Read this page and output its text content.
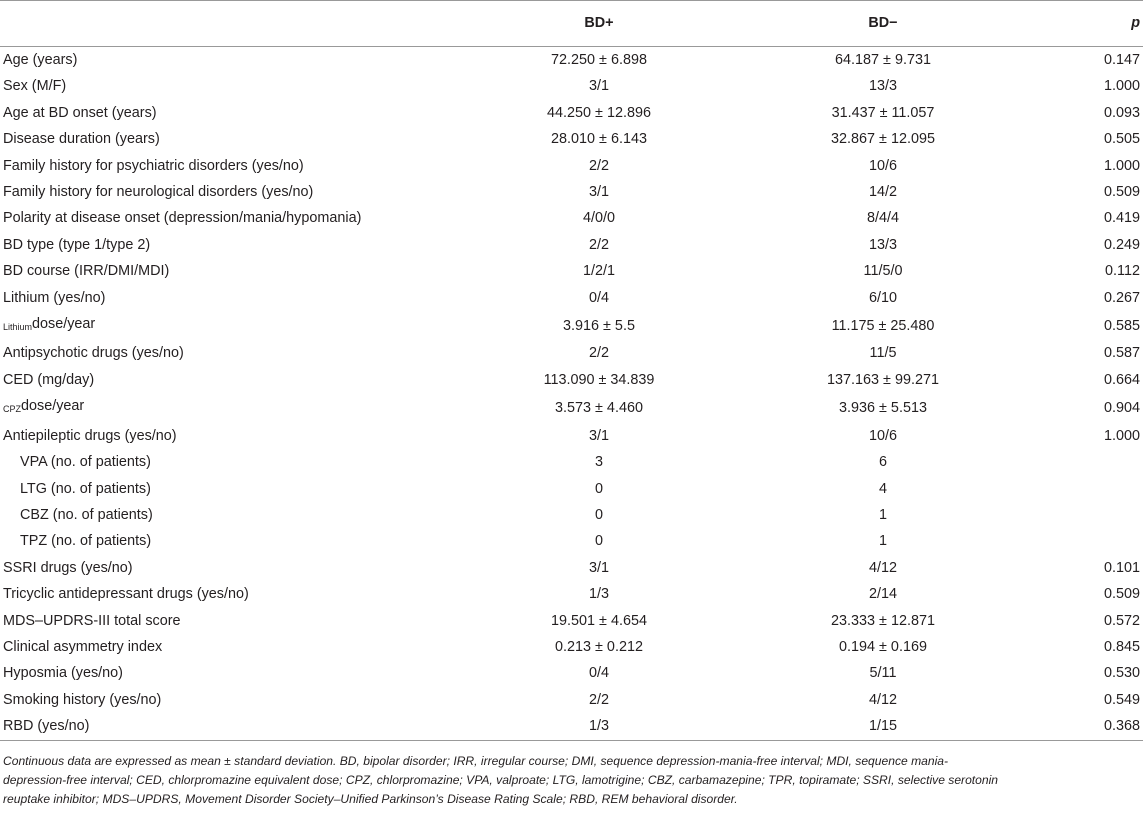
	BD+	BD−	p
Age (years)	72.250 ± 6.898	64.187 ± 9.731	0.147
Sex (M/F)	3/1	13/3	1.000
Age at BD onset (years)	44.250 ± 12.896	31.437 ± 11.057	0.093
Disease duration (years)	28.010 ± 6.143	32.867 ± 12.095	0.505
Family history for psychiatric disorders (yes/no)	2/2	10/6	1.000
Family history for neurological disorders (yes/no)	3/1	14/2	0.509
Polarity at disease onset (depression/mania/hypomania)	4/0/0	8/4/4	0.419
BD type (type 1/type 2)	2/2	13/3	0.249
BD course (IRR/DMI/MDI)	1/2/1	11/5/0	0.112
Lithium (yes/no)	0/4	6/10	0.267
$_{Lithium}$dose/year	3.916 ± 5.5	11.175 ± 25.480	0.585
Antipsychotic drugs (yes/no)	2/2	11/5	0.587
CED (mg/day)	113.090 ± 34.839	137.163 ± 99.271	0.664
$_{CPZ}$dose/year	3.573 ± 4.460	3.936 ± 5.513	0.904
Antiepileptic drugs (yes/no)	3/1	10/6	1.000
VPA (no. of patients)	3	6	
LTG (no. of patients)	0	4	
CBZ (no. of patients)	0	1	
TPZ (no. of patients)	0	1	
SSRI drugs (yes/no)	3/1	4/12	0.101
Tricyclic antidepressant drugs (yes/no)	1/3	2/14	0.509
MDS–UPDRS-III total score	19.501 ± 4.654	23.333 ± 12.871	0.572
Clinical asymmetry index	0.213 ± 0.212	0.194 ± 0.169	0.845
Hyposmia (yes/no)	0/4	5/11	0.530
Smoking history (yes/no)	2/2	4/12	0.549
RBD (yes/no)	1/3	1/15	0.368
Continuous data are expressed as mean ± standard deviation. BD, bipolar disorder; IRR, irregular course; DMI, sequence depression-mania-free interval; MDI, sequence mania-
depression-free interval; CED, chlorpromazine equivalent dose; CPZ, chlorpromazine; VPA, valproate; LTG, lamotrigine; CBZ, carbamazepine; TPR, topiramate; SSRI, selective serotonin
reuptake inhibitor; MDS–UPDRS, Movement Disorder Society–Unified Parkinson’s Disease Rating Scale; RBD, REM behavioral disorder.
